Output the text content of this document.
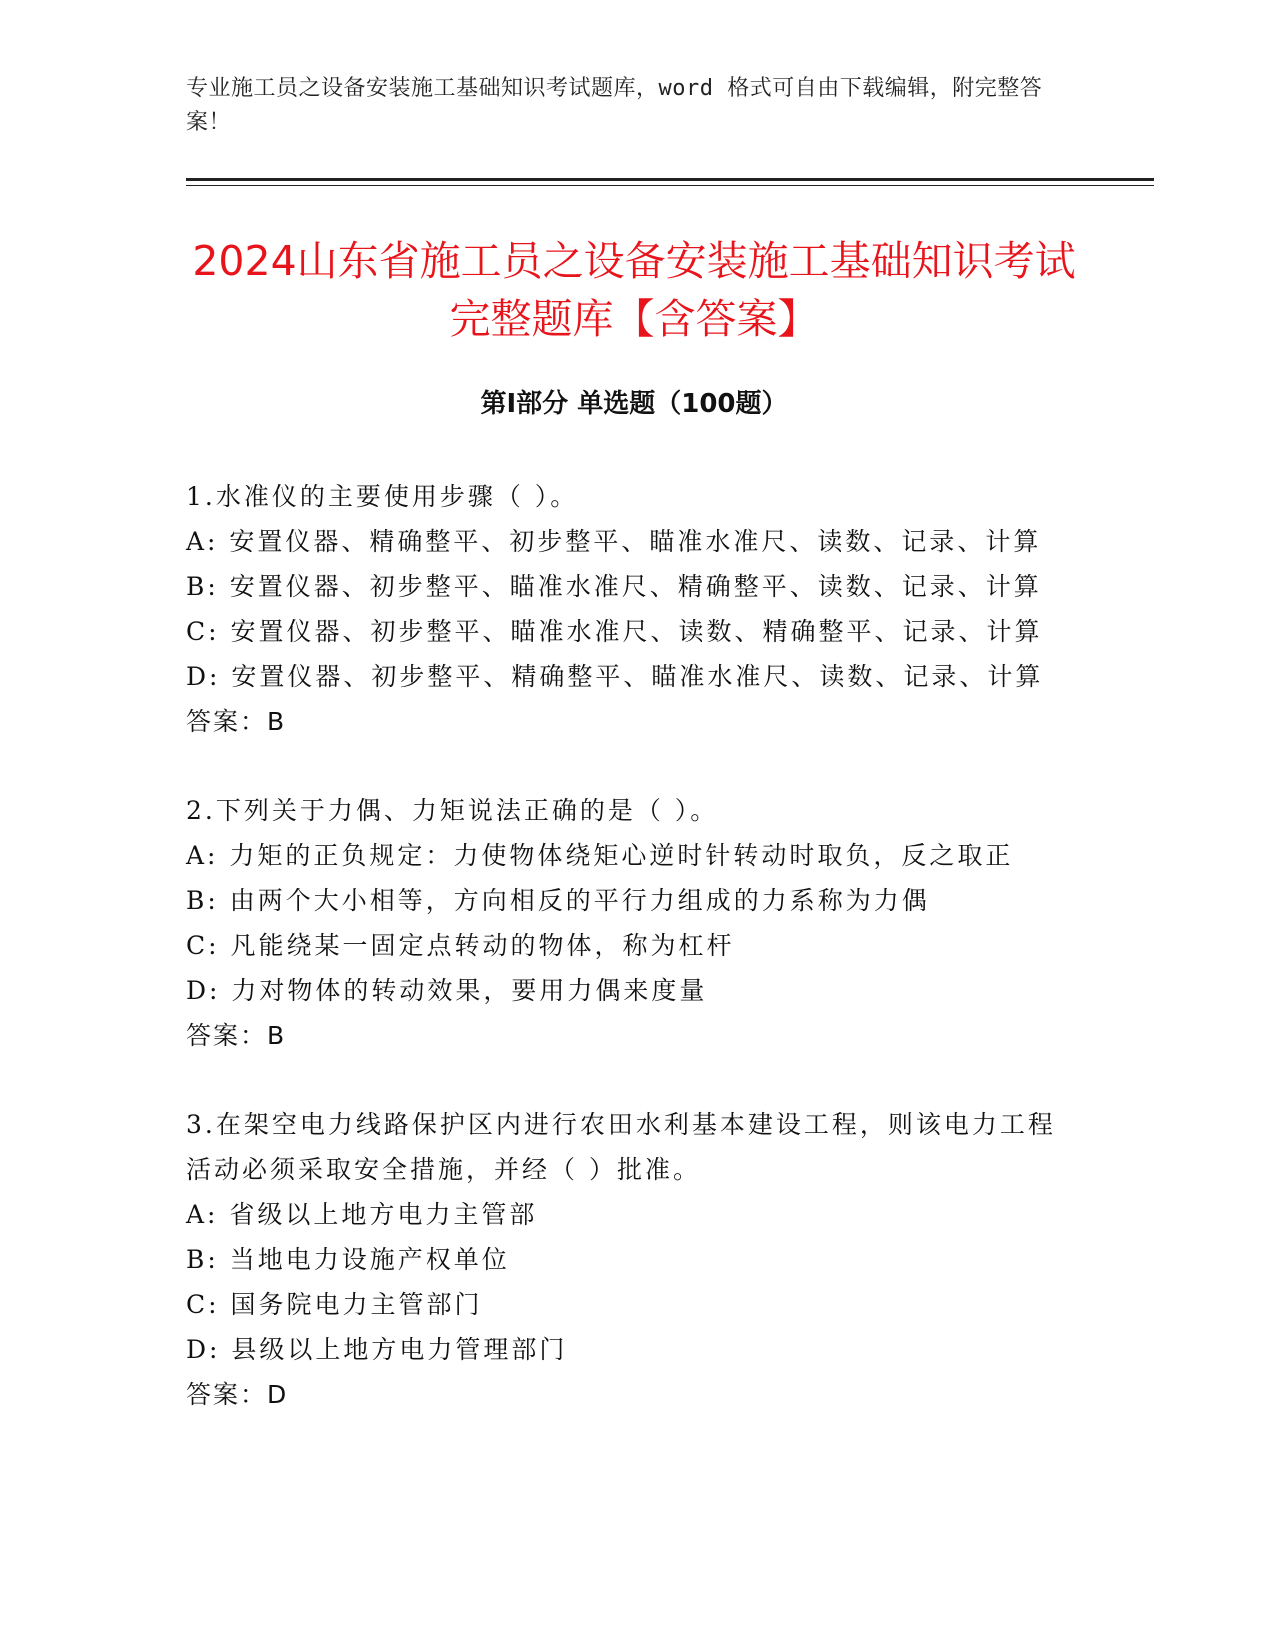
专业施工员之设备安装施工基础知识考试题库，word 格式可自由下载编辑，附完整答案！
2024山东省施工员之设备安装施工基础知识考试完整题库【含答案】
第Ⅰ部分 单选题（100题）
1.水准仪的主要使用步骤（ ）。
A: 安置仪器、精确整平、初步整平、瞄准水准尺、读数、记录、计算
B: 安置仪器、初步整平、瞄准水准尺、精确整平、读数、记录、计算
C: 安置仪器、初步整平、瞄准水准尺、读数、精确整平、记录、计算
D: 安置仪器、初步整平、精确整平、瞄准水准尺、读数、记录、计算
答案：B
2.下列关于力偶、力矩说法正确的是（ ）。
A: 力矩的正负规定：力使物体绕矩心逆时针转动时取负，反之取正
B: 由两个大小相等，方向相反的平行力组成的力系称为力偶
C: 凡能绕某一固定点转动的物体，称为杠杆
D: 力对物体的转动效果，要用力偶来度量
答案：B
3.在架空电力线路保护区内进行农田水利基本建设工程，则该电力工程活动必须采取安全措施，并经（ ）批准。
A: 省级以上地方电力主管部
B: 当地电力设施产权单位
C: 国务院电力主管部门
D: 县级以上地方电力管理部门
答案：D
